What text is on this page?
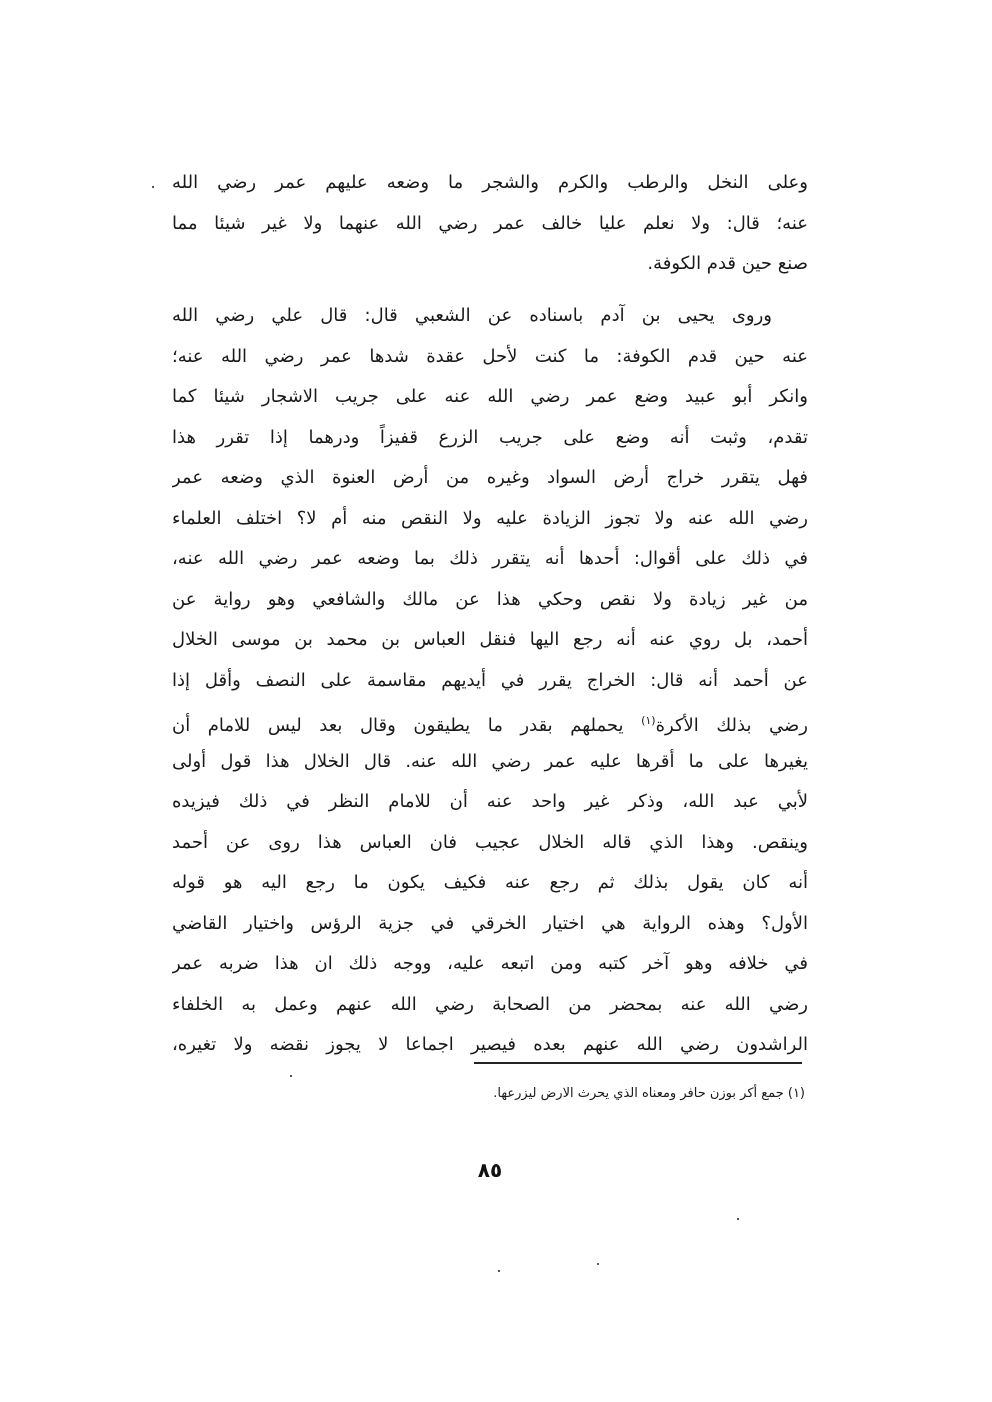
وعلى النخل والرطب والكرم والشجر ما وضعه عليهم عمر رضي الله
عنه؛ قال: ولا نعلم عليا خالف عمر رضي الله عنهما ولا غير شيئا مما
صنع حين قدم الكوفة.
وروى يحيى بن آدم باسناده عن الشعبي قال: قال علي رضي الله
عنه حين قدم الكوفة: ما كنت لأحل عقدة شدها عمر رضي الله عنه؛
وانكر أبو عبيد وضع عمر رضي الله عنه على جريب الاشجار شيئا كما
تقدم، وثبت أنه وضع على جريب الزرع قفيزاً ودرهما إذا تقرر هذا
فهل يتقرر خراج أرض السواد وغيره من أرض العنوة الذي وضعه عمر
رضي الله عنه ولا تجوز الزيادة عليه ولا النقص منه أم لا؟ اختلف العلماء
في ذلك على أقوال: أحدها أنه يتقرر ذلك بما وضعه عمر رضي الله عنه،
من غير زيادة ولا نقص وحكي هذا عن مالك والشافعي وهو رواية عن
أحمد، بل روي عنه أنه رجع اليها فنقل العباس بن محمد بن موسى الخلال
عن أحمد أنه قال: الخراج يقرر في أيديهم مقاسمة على النصف وأقل إذا
رضي بذلك الأكرة$^{(١)}$ يحملهم بقدر ما يطيقون وقال بعد ليس للامام أن
يغيرها على ما أقرها عليه عمر رضي الله عنه. قال الخلال هذا قول أولى
لأبي عبد الله، وذكر غير واحد عنه أن للامام النظر في ذلك فيزيده
وينقص. وهذا الذي قاله الخلال عجيب فان العباس هذا روى عن أحمد
أنه كان يقول بذلك ثم رجع عنه فكيف يكون ما رجع اليه هو قوله
الأول؟ وهذه الرواية هي اختيار الخرقي في جزية الرؤس واختيار القاضي
في خلافه وهو آخر كتبه ومن اتبعه عليه، ووجه ذلك ان هذا ضربه عمر
رضي الله عنه بمحضر من الصحابة رضي الله عنهم وعمل به الخلفاء
الراشدون رضي الله عنهم بعده فيصير اجماعا لا يجوز نقضه ولا تغيره،
(١) جمع أكر بوزن حافر ومعناه الذي يحرث الارض ليزرعها.
٨٥
